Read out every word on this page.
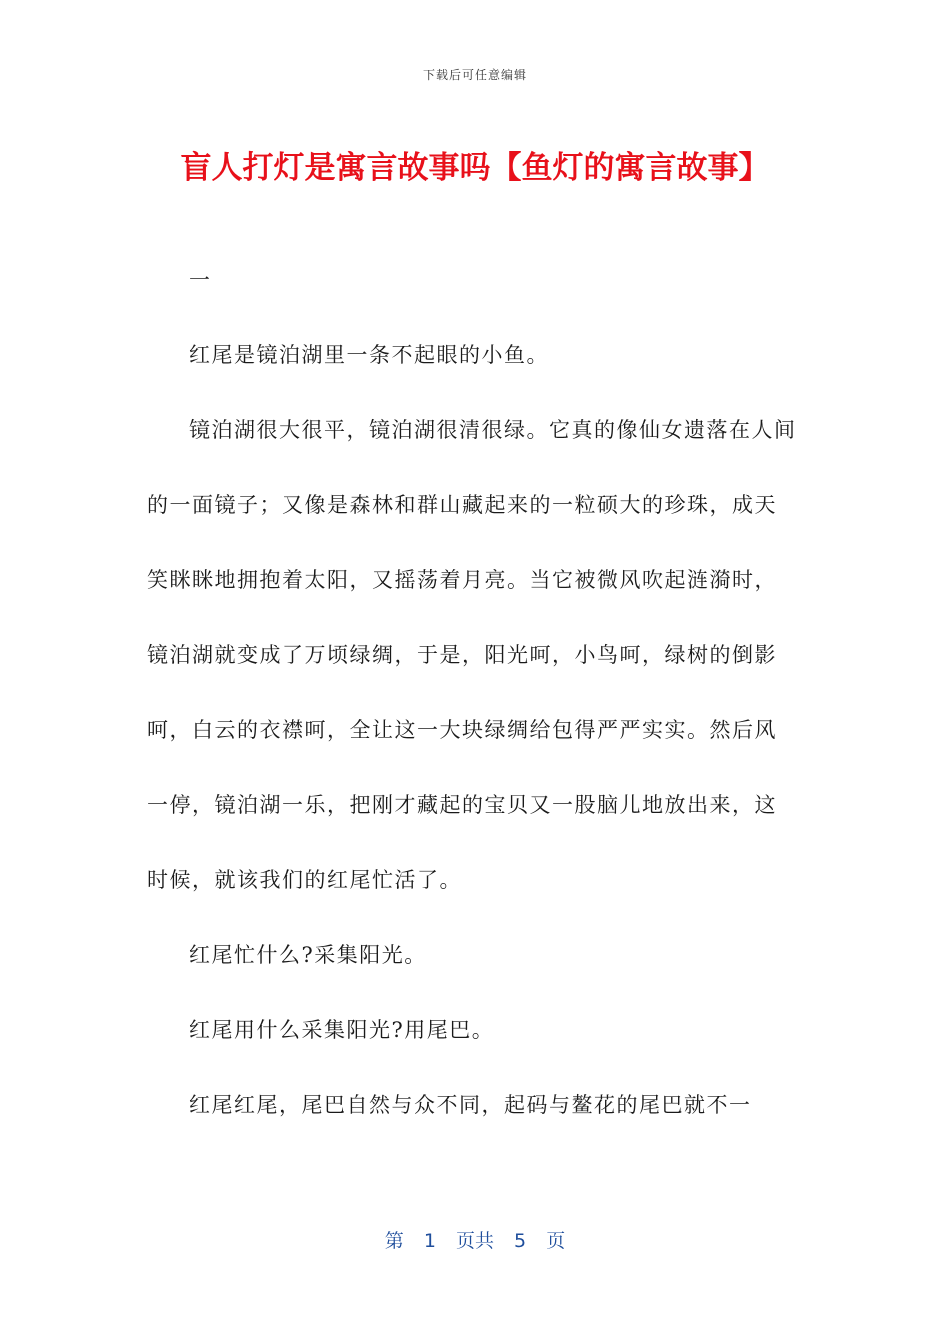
下载后可任意编辑
盲人打灯是寓言故事吗【鱼灯的寓言故事】

一

红尾是镜泊湖里一条不起眼的小鱼。

镜泊湖很大很平，镜泊湖很清很绿。它真的像仙女遗落在人间的一面镜子；又像是森林和群山藏起来的一粒硕大的珍珠，成天笑眯眯地拥抱着太阳，又摇荡着月亮。当它被微风吹起涟漪时，镜泊湖就变成了万顷绿绸，于是，阳光呵，小鸟呵，绿树的倒影呵，白云的衣襟呵，全让这一大块绿绸给包得严严实实。然后风一停，镜泊湖一乐，把刚才藏起的宝贝又一股脑儿地放出来，这时候，就该我们的红尾忙活了。

红尾忙什么?采集阳光。

红尾用什么采集阳光?用尾巴。

红尾红尾，尾巴自然与众不同，起码与鳌花的尾巴就不一

第 1 页共 5 页
